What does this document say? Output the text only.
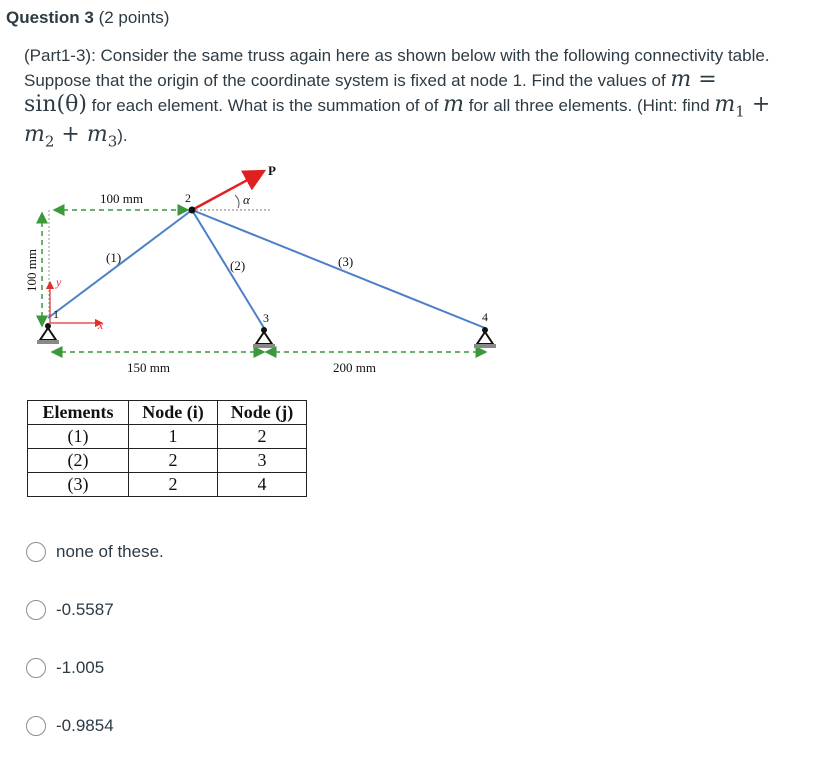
Question 3 (2 points)
(Part1-3): Consider the same truss again here as shown below with the following connectivity table. Suppose that the origin of the coordinate system is fixed at node 1. Find the values of m = sin(θ) for each element. What is the summation of of m for all three elements. (Hint: find $m_1 + m_2 + m_3$).
100 mm
100 mm
150 mm	200 mm
1
2
3	4
(1)
(2)	(3)
P
α
x
y
Elements	Node (i)	Node (j)
(1)	1	2
(2)	2	3
(3)	2	4
none of these.
-0.5587
-1.005
-0.9854
